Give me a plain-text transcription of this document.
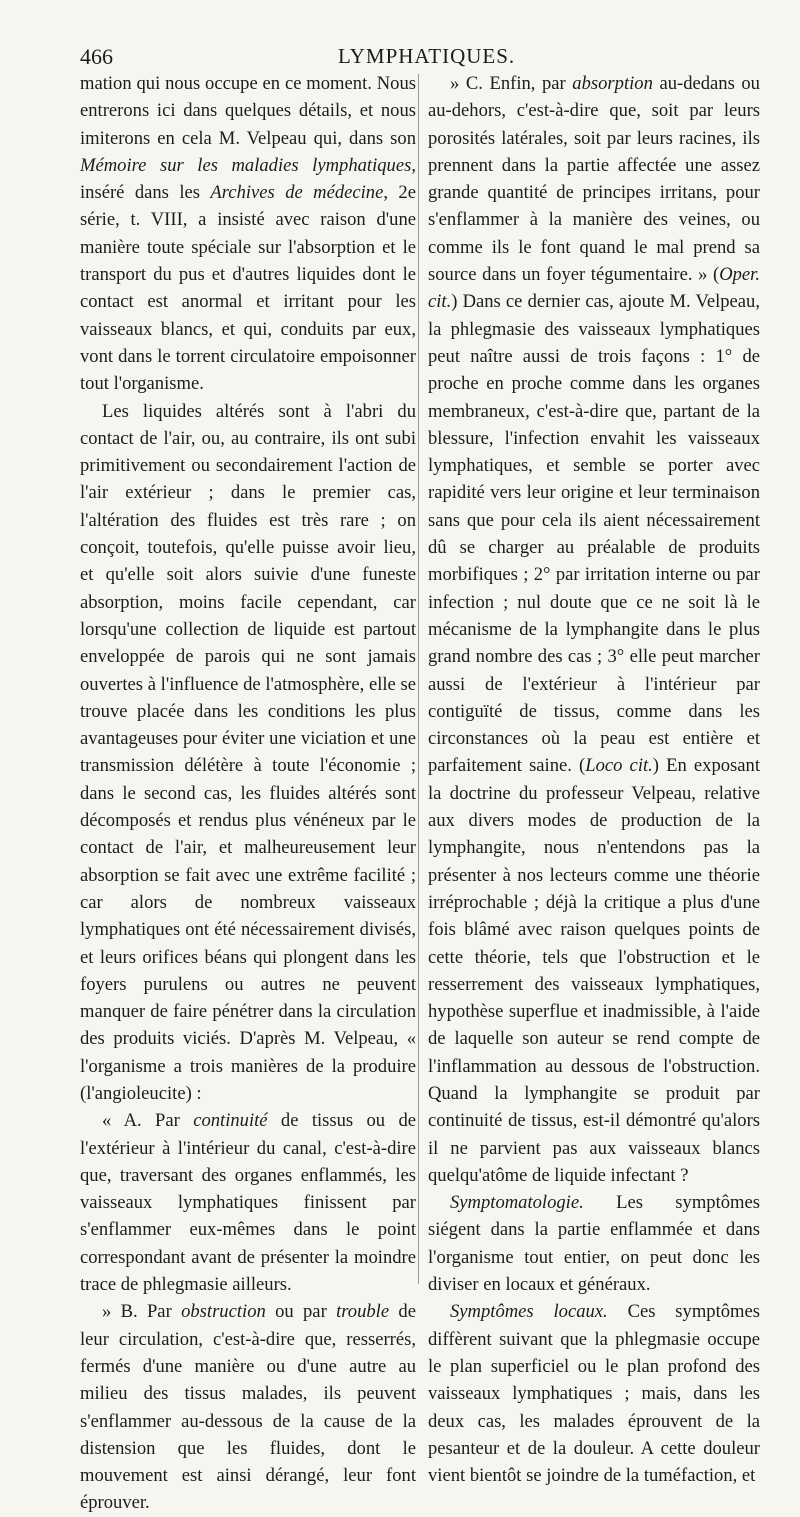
466	LYMPHATIQUES.

mation qui nous occupe en ce moment. Nous entrerons ici dans quelques détails, et nous imiterons en cela M. Velpeau qui, dans son Mémoire sur les maladies lymphatiques, inséré dans les Archives de médecine, 2e série, t. VIII, a insisté avec raison d'une manière toute spéciale sur l'absorption et le transport du pus et d'autres liquides dont le contact est anormal et irritant pour les vaisseaux blancs, et qui, conduits par eux, vont dans le torrent circulatoire empoisonner tout l'organisme.

Les liquides altérés sont à l'abri du contact de l'air, ou, au contraire, ils ont subi primitivement ou secondairement l'action de l'air extérieur ; dans le premier cas, l'altération des fluides est très rare ; on conçoit, toutefois, qu'elle puisse avoir lieu, et qu'elle soit alors suivie d'une funeste absorption, moins facile cependant, car lorsqu'une collection de liquide est partout enveloppée de parois qui ne sont jamais ouvertes à l'influence de l'atmosphère, elle se trouve placée dans les conditions les plus avantageuses pour éviter une viciation et une transmission délétère à toute l'économie ; dans le second cas, les fluides altérés sont décomposés et rendus plus vénéneux par le contact de l'air, et malheureusement leur absorption se fait avec une extrême facilité ; car alors de nombreux vaisseaux lymphatiques ont été nécessairement divisés, et leurs orifices béans qui plongent dans les foyers purulens ou autres ne peuvent manquer de faire pénétrer dans la circulation des produits viciés. D'après M. Velpeau, « l'organisme a trois manières de la produire (l'angioleucite) :

« A. Par continuité de tissus ou de l'extérieur à l'intérieur du canal, c'est-à-dire que, traversant des organes enflammés, les vaisseaux lymphatiques finissent par s'enflammer eux-mêmes dans le point correspondant avant de présenter la moindre trace de phlegmasie ailleurs.

» B. Par obstruction ou par trouble de leur circulation, c'est-à-dire que, resserrés, fermés d'une manière ou d'une autre au milieu des tissus malades, ils peuvent s'enflammer au-dessous de la cause de la distension que les fluides, dont le mouvement est ainsi dérangé, leur font éprouver.

» C. Enfin, par absorption au-dedans ou au-dehors, c'est-à-dire que, soit par leurs porosités latérales, soit par leurs racines, ils prennent dans la partie affectée une assez grande quantité de principes irritans, pour s'enflammer à la manière des veines, ou comme ils le font quand le mal prend sa source dans un foyer tégumentaire. » (Oper. cit.) Dans ce dernier cas, ajoute M. Velpeau, la phlegmasie des vaisseaux lymphatiques peut naître aussi de trois façons : 1° de proche en proche comme dans les organes membraneux, c'est-à-dire que, partant de la blessure, l'infection envahit les vaisseaux lymphatiques, et semble se porter avec rapidité vers leur origine et leur terminaison sans que pour cela ils aient nécessairement dû se charger au préalable de produits morbifiques ; 2° par irritation interne ou par infection ; nul doute que ce ne soit là le mécanisme de la lymphangite dans le plus grand nombre des cas ; 3° elle peut marcher aussi de l'extérieur à l'intérieur par contiguïté de tissus, comme dans les circonstances où la peau est entière et parfaitement saine. (Loco cit.) En exposant la doctrine du professeur Velpeau, relative aux divers modes de production de la lymphangite, nous n'entendons pas la présenter à nos lecteurs comme une théorie irréprochable ; déjà la critique a plus d'une fois blâmé avec raison quelques points de cette théorie, tels que l'obstruction et le resserrement des vaisseaux lymphatiques, hypothèse superflue et inadmissible, à l'aide de laquelle son auteur se rend compte de l'inflammation au dessous de l'obstruction. Quand la lymphangite se produit par continuité de tissus, est-il démontré qu'alors il ne parvient pas aux vaisseaux blancs quelqu'atôme de liquide infectant ?

Symptomatologie. Les symptômes siégent dans la partie enflammée et dans l'organisme tout entier, on peut donc les diviser en locaux et généraux.

Symptômes locaux. Ces symptômes diffèrent suivant que la phlegmasie occupe le plan superficiel ou le plan profond des vaisseaux lymphatiques ; mais, dans les deux cas, les malades éprouvent de la pesanteur et de la douleur. A cette douleur vient bientôt se joindre de la tuméfaction, et
